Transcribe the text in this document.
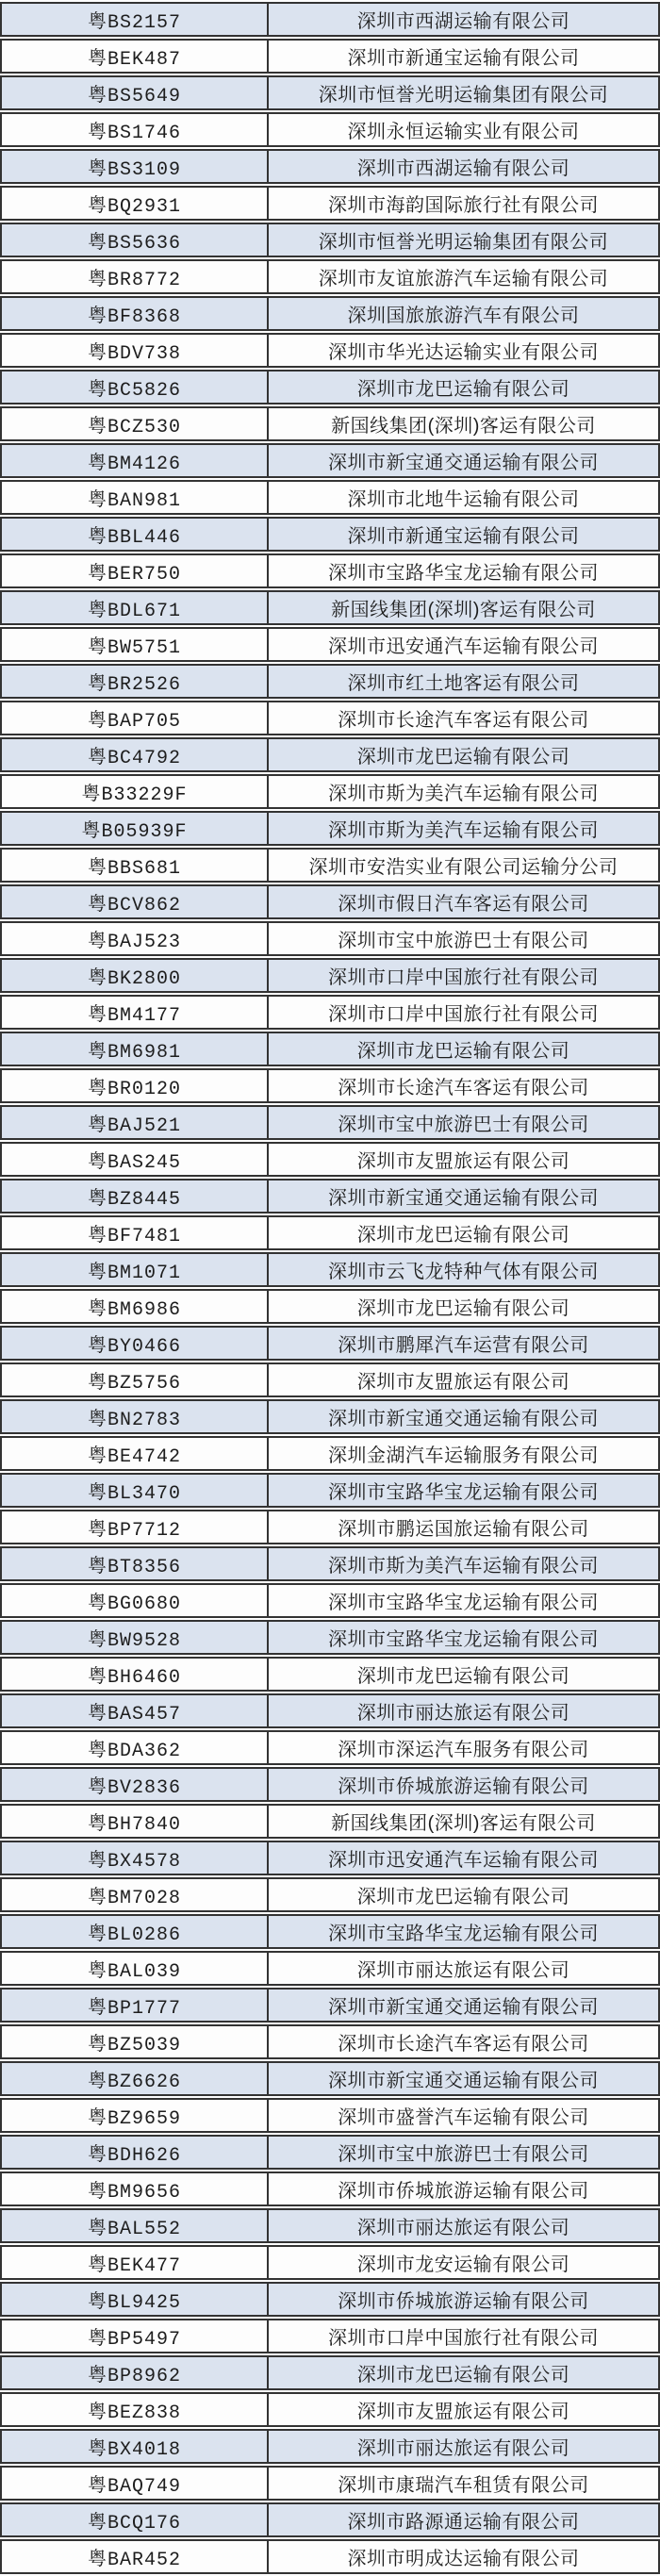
粤BS2157	深圳市西湖运输有限公司
粤BEK487	深圳市新通宝运输有限公司
粤BS5649	深圳市恒誉光明运输集团有限公司
粤BS1746	深圳永恒运输实业有限公司
粤BS3109	深圳市西湖运输有限公司
粤BQ2931	深圳市海韵国际旅行社有限公司
粤BS5636	深圳市恒誉光明运输集团有限公司
粤BR8772	深圳市友谊旅游汽车运输有限公司
粤BF8368	深圳国旅旅游汽车有限公司
粤BDV738	深圳市华光达运输实业有限公司
粤BC5826	深圳市龙巴运输有限公司
粤BCZ530	新国线集团(深圳)客运有限公司
粤BM4126	深圳市新宝通交通运输有限公司
粤BAN981	深圳市北地牛运输有限公司
粤BBL446	深圳市新通宝运输有限公司
粤BER750	深圳市宝路华宝龙运输有限公司
粤BDL671	新国线集团(深圳)客运有限公司
粤BW5751	深圳市迅安通汽车运输有限公司
粤BR2526	深圳市红土地客运有限公司
粤BAP705	深圳市长途汽车客运有限公司
粤BC4792	深圳市龙巴运输有限公司
粤B33229F	深圳市斯为美汽车运输有限公司
粤B05939F	深圳市斯为美汽车运输有限公司
粤BBS681	深圳市安浩实业有限公司运输分公司
粤BCV862	深圳市假日汽车客运有限公司
粤BAJ523	深圳市宝中旅游巴士有限公司
粤BK2800	深圳市口岸中国旅行社有限公司
粤BM4177	深圳市口岸中国旅行社有限公司
粤BM6981	深圳市龙巴运输有限公司
粤BR0120	深圳市长途汽车客运有限公司
粤BAJ521	深圳市宝中旅游巴士有限公司
粤BAS245	深圳市友盟旅运有限公司
粤BZ8445	深圳市新宝通交通运输有限公司
粤BF7481	深圳市龙巴运输有限公司
粤BM1071	深圳市云飞龙特种气体有限公司
粤BM6986	深圳市龙巴运输有限公司
粤BY0466	深圳市鹏犀汽车运营有限公司
粤BZ5756	深圳市友盟旅运有限公司
粤BN2783	深圳市新宝通交通运输有限公司
粤BE4742	深圳金湖汽车运输服务有限公司
粤BL3470	深圳市宝路华宝龙运输有限公司
粤BP7712	深圳市鹏运国旅运输有限公司
粤BT8356	深圳市斯为美汽车运输有限公司
粤BG0680	深圳市宝路华宝龙运输有限公司
粤BW9528	深圳市宝路华宝龙运输有限公司
粤BH6460	深圳市龙巴运输有限公司
粤BAS457	深圳市丽达旅运有限公司
粤BDA362	深圳市深运汽车服务有限公司
粤BV2836	深圳市侨城旅游运输有限公司
粤BH7840	新国线集团(深圳)客运有限公司
粤BX4578	深圳市迅安通汽车运输有限公司
粤BM7028	深圳市龙巴运输有限公司
粤BL0286	深圳市宝路华宝龙运输有限公司
粤BAL039	深圳市丽达旅运有限公司
粤BP1777	深圳市新宝通交通运输有限公司
粤BZ5039	深圳市长途汽车客运有限公司
粤BZ6626	深圳市新宝通交通运输有限公司
粤BZ9659	深圳市盛誉汽车运输有限公司
粤BDH626	深圳市宝中旅游巴士有限公司
粤BM9656	深圳市侨城旅游运输有限公司
粤BAL552	深圳市丽达旅运有限公司
粤BEK477	深圳市龙安运输有限公司
粤BL9425	深圳市侨城旅游运输有限公司
粤BP5497	深圳市口岸中国旅行社有限公司
粤BP8962	深圳市龙巴运输有限公司
粤BEZ838	深圳市友盟旅运有限公司
粤BX4018	深圳市丽达旅运有限公司
粤BAQ749	深圳市康瑞汽车租赁有限公司
粤BCQ176	深圳市路源通运输有限公司
粤BAR452	深圳市明成达运输有限公司
